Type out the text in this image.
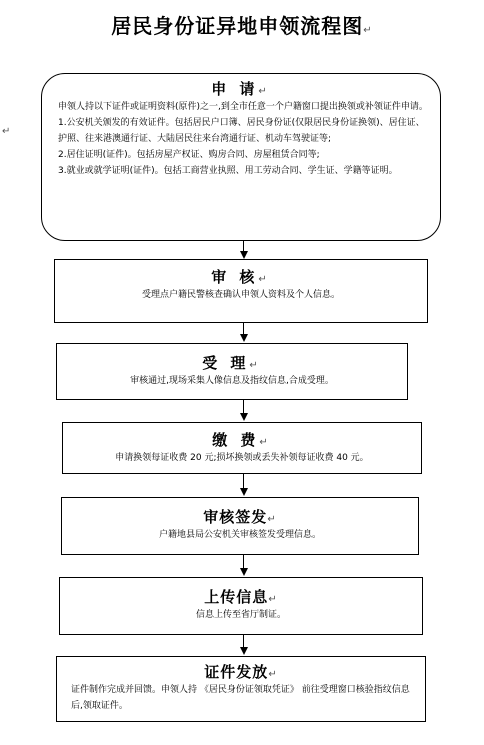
居民身份证异地申领流程图↵
↵
申 请↵
申领人持以下证件或证明资料(原件)之一,到全市任意一个户籍窗口提出换领或补领证件申请。
1.公安机关颁发的有效证件。包括居民户口簿、居民身份证(仅限居民身份证换领)、居住证、护照、往来港澳通行证、大陆居民往来台湾通行证、机动车驾驶证等;
2.居住证明(证件)。包括房屋产权证、购房合同、房屋租赁合同等;
3.就业或就学证明(证件)。包括工商营业执照、用工劳动合同、学生证、学籍等证明。
审 核↵
受理点户籍民警核查确认申领人资料及个人信息。
受 理↵
审核通过,现场采集人像信息及指纹信息,合成受理。
缴 费↵
申请换领每证收费 20 元;损坏换领或丢失补领每证收费 40 元。
审核签发↵
户籍地县局公安机关审核签发受理信息。
上传信息↵
信息上传至省厅制证。
证件发放↵
证件制作完成并回馈。申领人持 《居民身份证领取凭证》 前往受理窗口核验指纹信息后,领取证件。
